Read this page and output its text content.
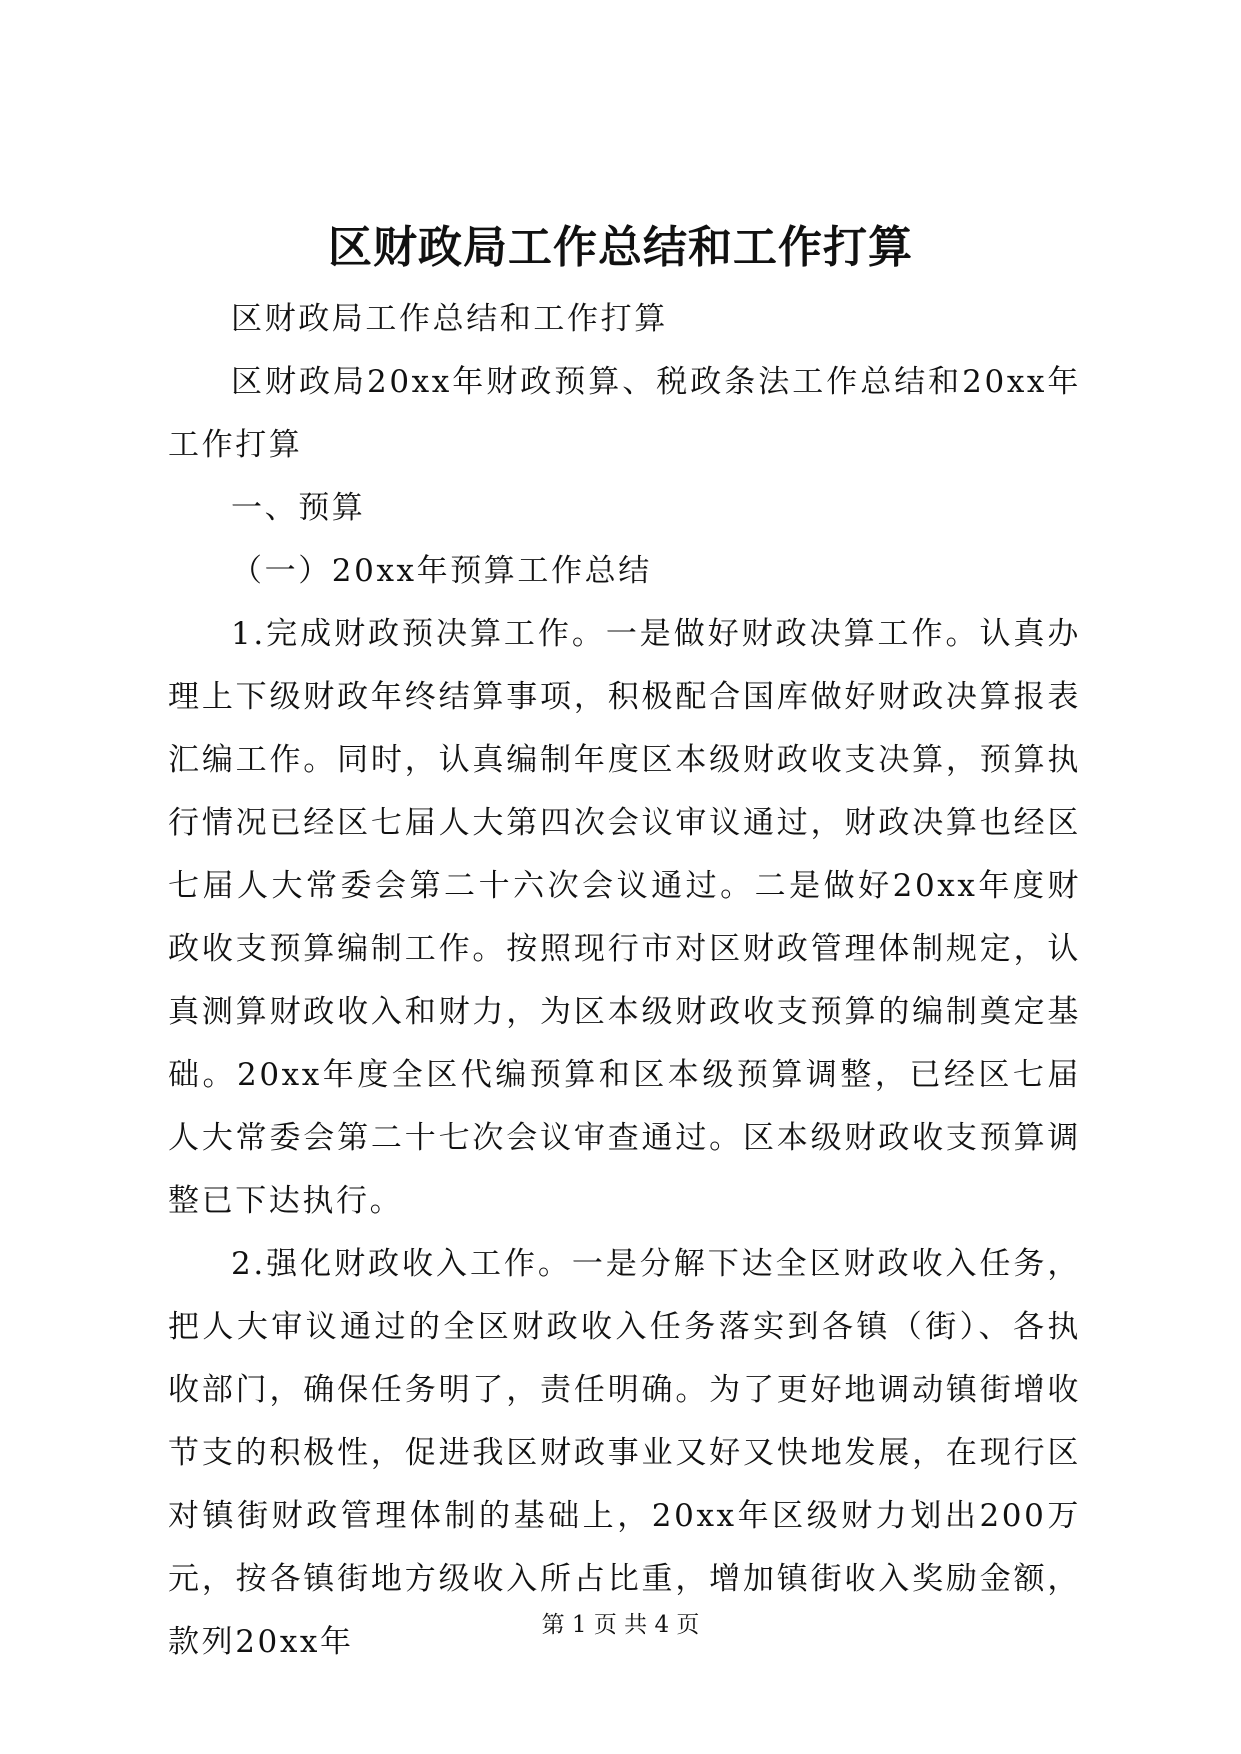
区财政局工作总结和工作打算

区财政局工作总结和工作打算

区财政局20xx年财政预算、税政条法工作总结和20xx年工作打算

一、预算

（一）20xx年预算工作总结

1.完成财政预决算工作。一是做好财政决算工作。认真办理上下级财政年终结算事项，积极配合国库做好财政决算报表汇编工作。同时，认真编制年度区本级财政收支决算，预算执行情况已经区七届人大第四次会议审议通过，财政决算也经区七届人大常委会第二十六次会议通过。二是做好20xx年度财政收支预算编制工作。按照现行市对区财政管理体制规定，认真测算财政收入和财力，为区本级财政收支预算的编制奠定基础。20xx年度全区代编预算和区本级预算调整，已经区七届人大常委会第二十七次会议审查通过。区本级财政收支预算调整已下达执行。

2.强化财政收入工作。一是分解下达全区财政收入任务，把人大审议通过的全区财政收入任务落实到各镇（街）、各执收部门，确保任务明了，责任明确。为了更好地调动镇街增收节支的积极性，促进我区财政事业又好又快地发展，在现行区对镇街财政管理体制的基础上，20xx年区级财力划出200万元，按各镇街地方级收入所占比重，增加镇街收入奖励金额，款列20xx年	第 1 页 共 4 页
